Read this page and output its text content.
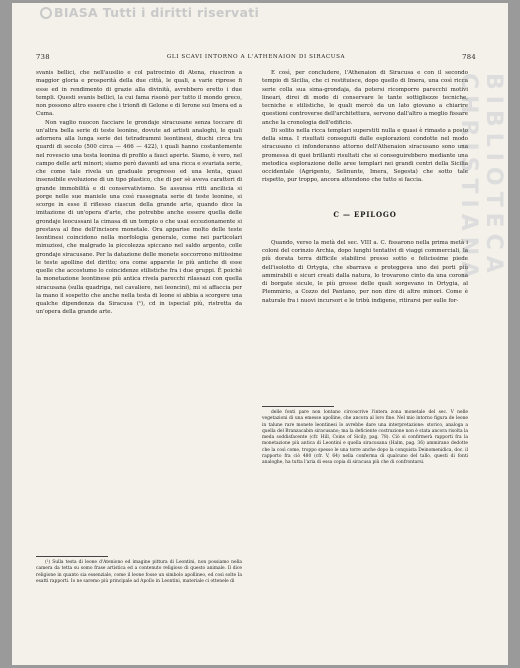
BIASA Tutti i diritti riservati
BIBLIOTECA CHRISTIANA
738	GLI SCAVI INTORNO A L'ATHENAION DI SIRACUSA	784

svanis bellici, che nell'ausilio e col patrocinio di Atena, riusciron a maggior gloria e prosperità della due città, le quali, a varie riprese fi esse ed in rendimento di grazie alla divinità, avrebbero eretto i due templi. Questi svanis bellici, la cui fama risonò per tutto il mondo greco, non possono altro essere che i trionfi di Gelone e di Ierone sui Imera ed a Cuma.

Non vaglio nuocon facciare le grondaje siracusane senza toccare di un'altra bella serie di teste leonine, dovute ad artisti analoghi, le quali adornera alla lunga serie dei tetradrammi leontinesi, diuchi circa tra quardi di secolo (500 circa — 466 — 422), i quali hanno costantemente nel rovescio una testa leonina di profilo a fauci aperte. Siamo, è vero, nel campo delle arti minori; siamo però davanti ad una ricca e svariata serie, che come tale rivela un graduale progresso ed una lenta, quasi insensibile evoluzione di un tipo plastico, che di per sè aveva caratteri di grande immobilità e di conservativismo. Se assunsa ritti ancilicia si porge nelle sue maniele una così rassegnata serie di teste leonine, si scorge in esse il riflesso ciascun della grande arte, quando dice la imitazione di un'opera d'arte, che potrebbe anche essere quella delle grondaje leocussani la cimasa di un tempio o che usai eccezionamente si prestava al fine dell'incisore monetale. Ora apparise molto delle teste leontinesi coincidono nella morfologia generale, come nei particolari minuziosi, che malgrado la piccolezza spiccano nel saldo argento, colle grondaje siracusane. Per la datazione delle monete soccorrono mitiissime le teste apolline del diritto; ora come apparste le più antiche di esse quelle che accostumo lo coincidenze stilistiche fra i due gruppi. È poichè la monetazione leontinese più antica rivela parecchi rilassazi con quella siracusana (sulla quadriga, nel cavaliere, nei leoncini), mi si affaccia per la mano il sospetto che anche nella testa di leone si abbia a scorgere una qualche dipendenza da Siracusa (¹), cd in ispecial più, ristretta da un'opera della grande arte.

(¹) Sulla testa di leone d'Ateniono ed imagine pittura di Leontini, non possiamo nella camera da tetta su somo frase artistica ed a contenuto religioso di questo animale. Il dice religione in quanto sia essenziale, come il leone fosse un simbolo apollineo, ed così solte Ia esatti rapporti. Io ne saremo più principale ad Apollo in Leontini, materiale ci ottenele di

E così, per concludere, l'Athenaion di Siracusa e con il secondo tempio di Sicilia, che ci restituisce, dopo quello di Imera, una così ricca serie colla sua sima-grondaja, da potersi ricomporre parecchi motivi lineari, direi di modo di conservare le tante sottigliezze tecniche, tecniche e stilistiche, le quali mercè da un lato giovano a chiarire questioni controverse dell'architettura, servono dall'altro a meglio fissare anche la cronologia dell'edificio.

Di solito nella ricca templari superstiti nulla e quasi è rimasto a posto della sima. I risultati conseguiti dalle esplorazioni condotte nel modo siracusano ci infonderanno attorno dell'Athenaion siracusano sono una promessa di quei brillanti risultati che si conseguirebbero mediante una metodica esplorazione delle aree templari nei grandi centri della Sicilia occidentale (Agrigento, Selinunte, Imera, Segesta) che sotto tale rispetto, pur troppo, ancora attendono che tutto si faccia.

C — EPILOGO

Quando, verso la metà del sec. VIII a. C. fissarono nella prima metà i coloni del corinzio Archia, dopo lunghi tentativi di viaggi commerciali, la più dorata terra difficile stabilirsi presso sotto e felicissime piede dell'isolotto di Ortygia, che sbarrava e proteggeva uno dei porti più ammirabili e sicuri creati dalla natura, lo trovarono cinto da una corona di borgate sicule, le più grosse delle quali sorgevano in Ortygia, al Plemmirio, a Cozzo del Pantano, per non dire di altre minori. Come è naturale fra i nuovi incursori e le tribù indigene, ritirarsi per sulle for-

delle fonti pare non lontano circoscrive l'intera zona monetale del sec. V nelle vegetazioni di una emesse apolline, che ancora al loro fine. Nel mio intorno figura de leone in talune rare monete leontinesi lo avrebbe dare una interpretazione: storico, analoga a quella del Branzacabin siracusano; ma la deficiente costruzione non è stata ancora risolta la meda soddisfacente (cfr. Hill, Coins of Sicily, pag. 78). Ciò si confirmerà rapporti fra la monetazione più antica di Leontini e quella siracusana (Halm, pag. 36) ammirano dedotte che la così come, troppo spesso le una torre anche dopo la conquista Deinomenidica, doc. il rapporto fra ciò 480 (cfr. V, 64) nella conferma di qualcuno del tallo, questi di fonti analoghe, ha tutta l'aria di essa copia di siracusa più che di confrontarsi.
